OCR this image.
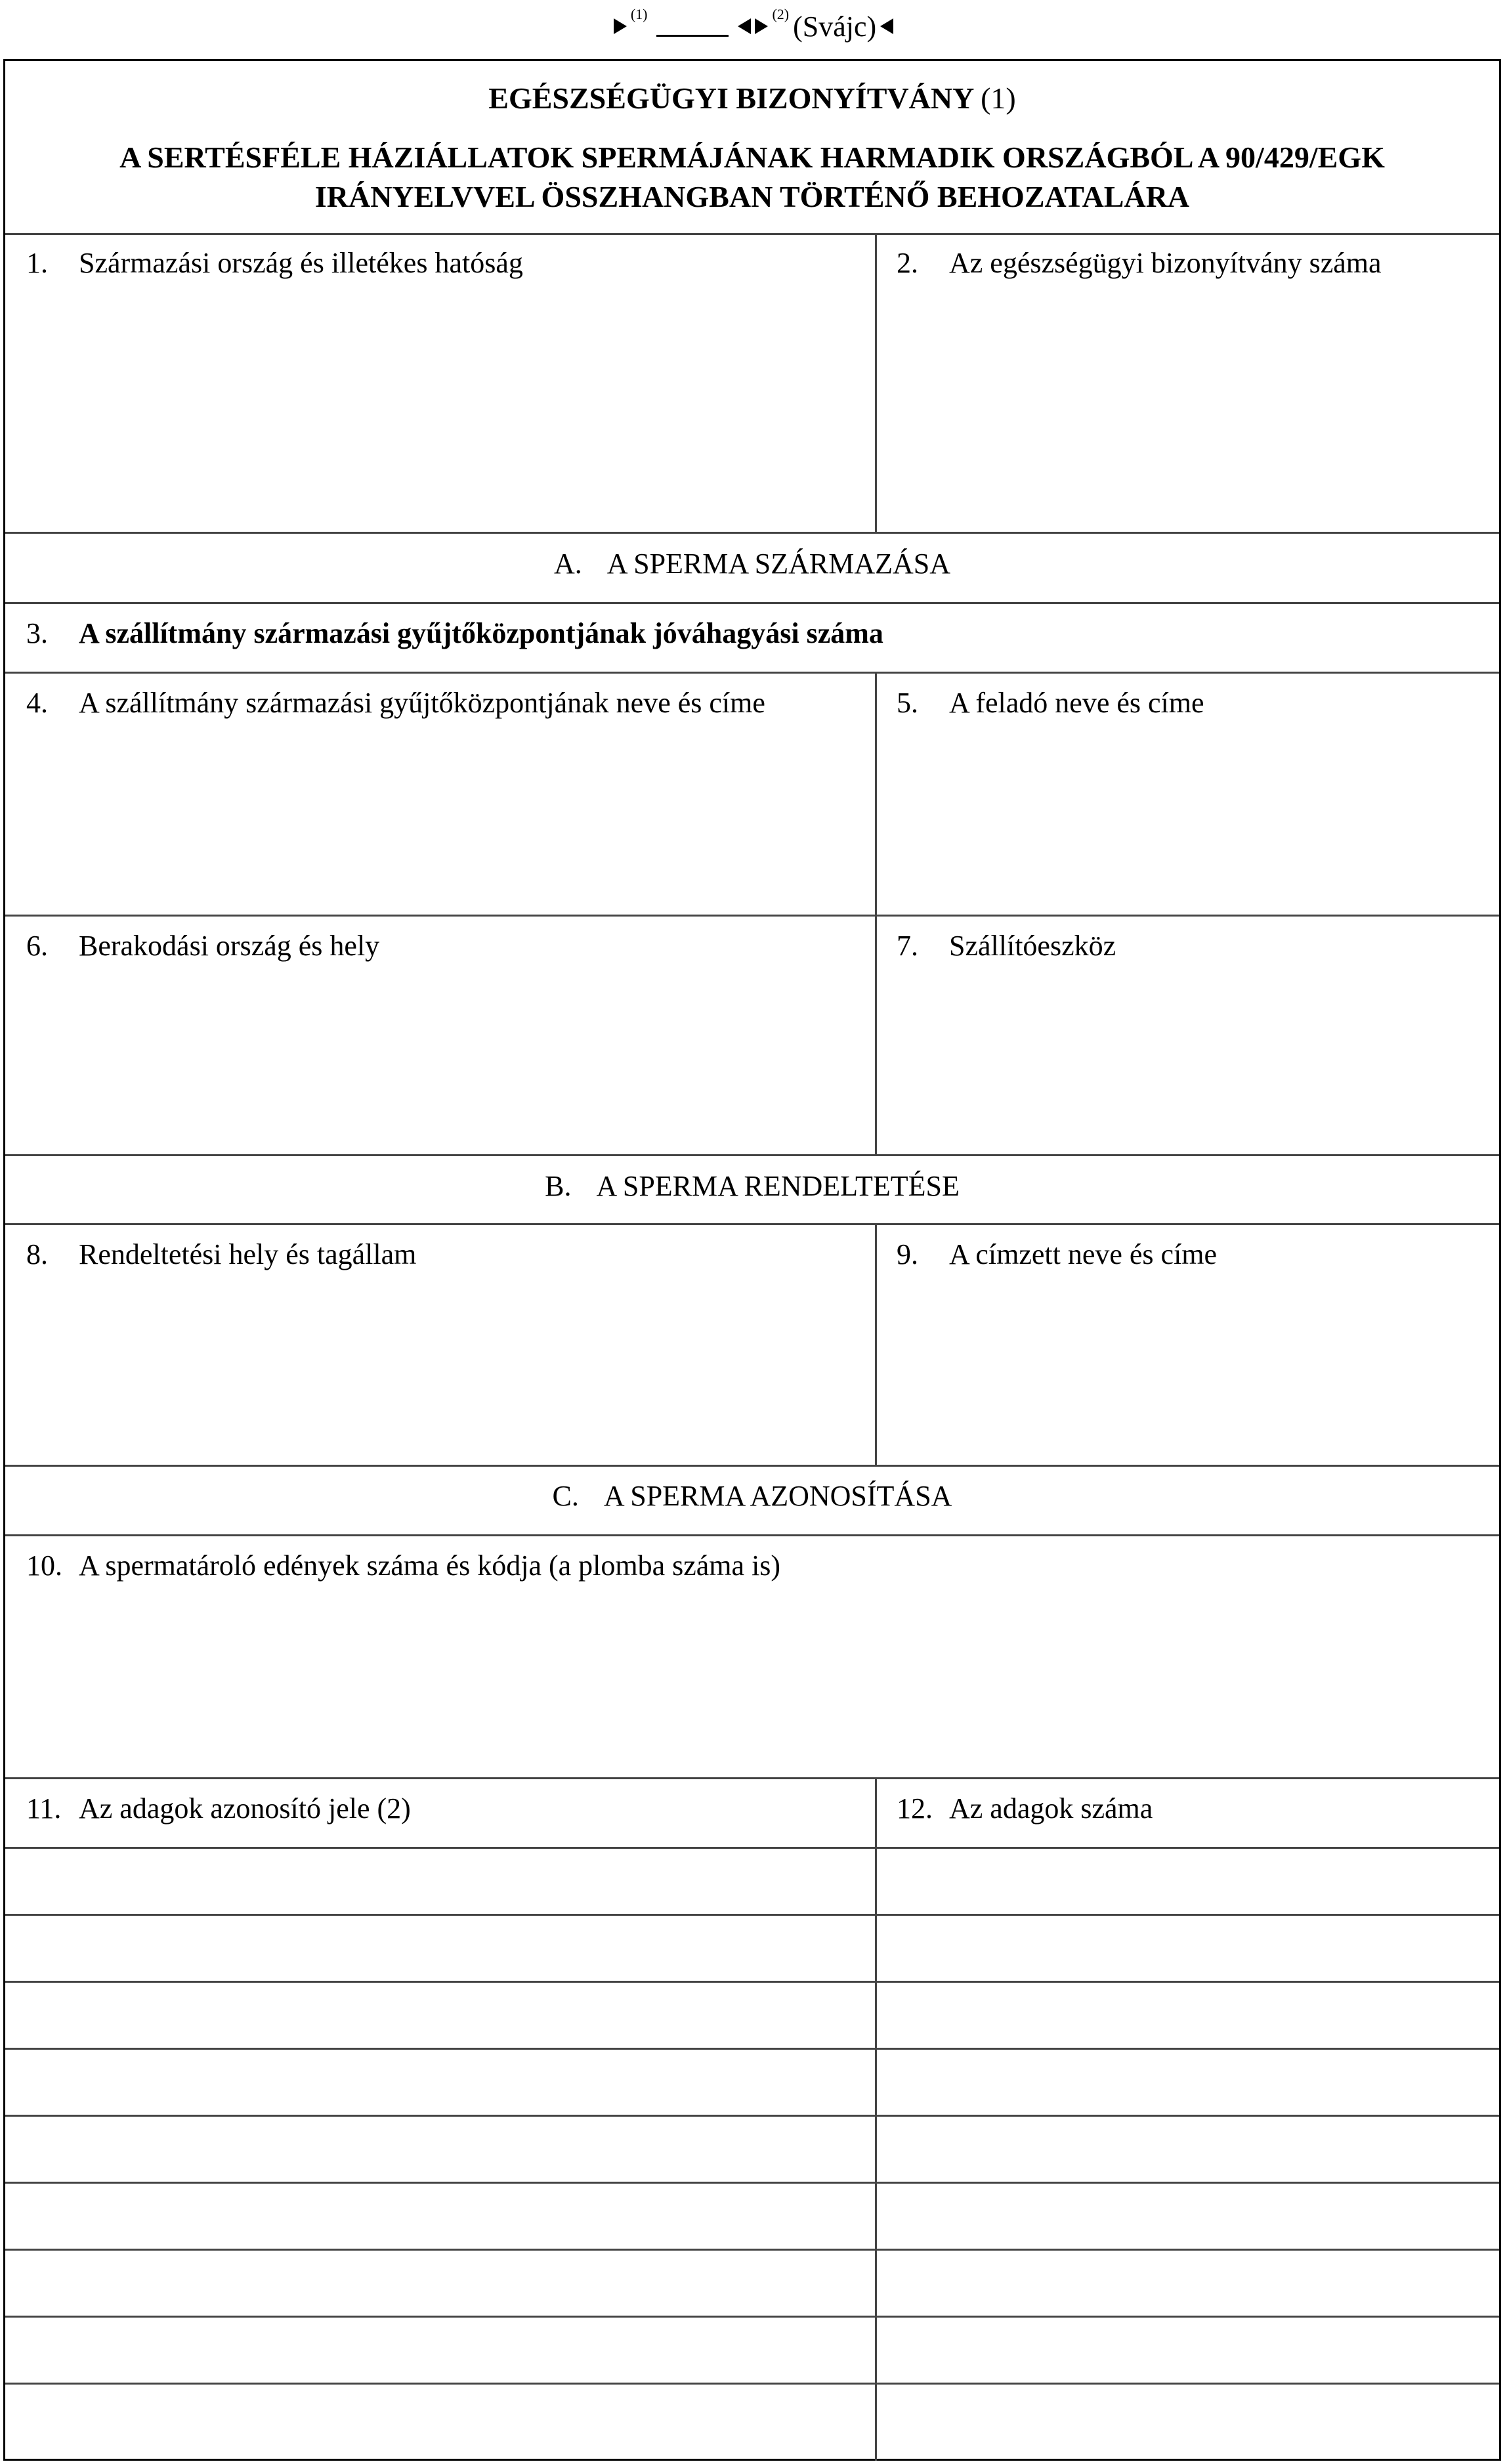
$^{(1)}$	$^{(2)}$ (Svájc)
EGÉSZSÉGÜGYI BIZONYÍTVÁNY (1)
A SERTÉSFÉLE HÁZIÁLLATOK SPERMÁJÁNAK HARMADIK ORSZÁGBÓL A 90/429/EGK
IRÁNYELVVEL ÖSSZHANGBAN TÖRTÉNŐ BEHOZATALÁRA
1. Származási ország és illetékes hatóság	2. Az egészségügyi bizonyítvány száma
A. A SPERMA SZÁRMAZÁSA
3. A szállítmány származási gyűjtőközpontjának jóváhagyási száma
4. A szállítmány származási gyűjtőközpontjának neve és címe	5. A feladó neve és címe
6. Berakodási ország és hely	7. Szállítóeszköz
B. A SPERMA RENDELTETÉSE
8. Rendeltetési hely és tagállam	9. A címzett neve és címe
C. A SPERMA AZONOSÍTÁSA
10. A spermatároló edények száma és kódja (a plomba száma is)
11. Az adagok azonosító jele (2)	12. Az adagok száma
